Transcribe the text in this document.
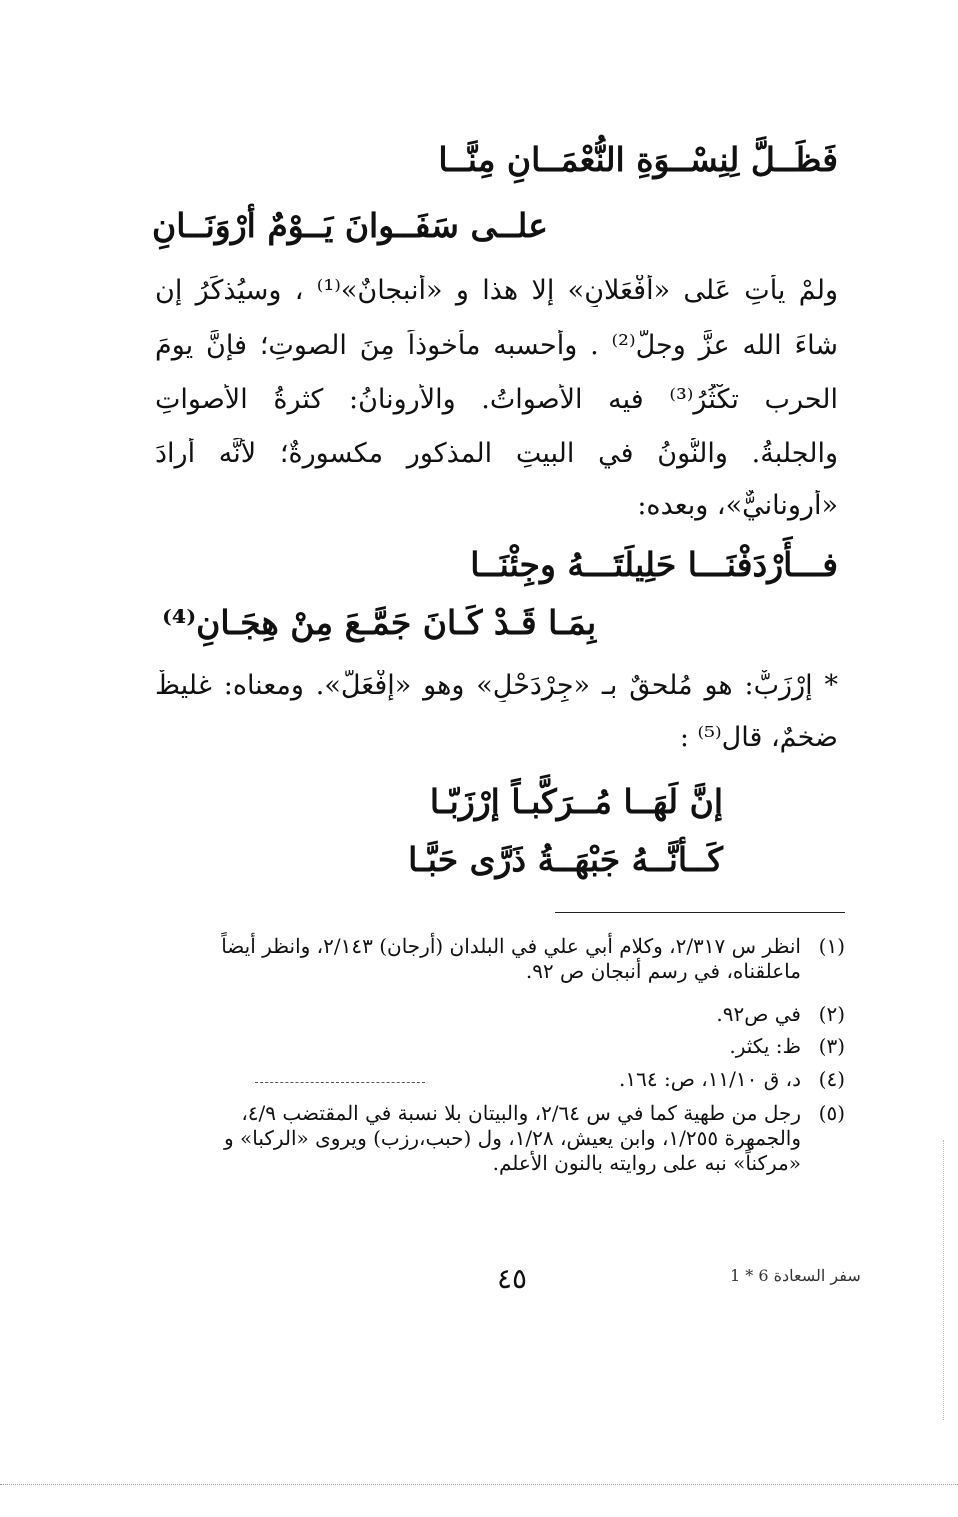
فَظَــلَّ لِنِسْــوَةِ النُّعْمَــانِ مِنَّــا
علــى سَفَــوانَ يَــوْمٌ أرْوَنَــانِ
ولمْ يأتِ عَلى «أَفْعَلانٍ» إلا هذا و «أَنبجانٌ»⁽¹⁾ ، وسيُذكَرُ إن
شاءَ الله عزَّ وجلَّ⁽²⁾ . وأحسبه مأخوذاً مِنَ الصوتِ؛ فإنَّ يومَ
الحرب تكْثُرُ⁽³⁾ فيه الأصواتُ. والأرونانُ: كثرةُ الأصواتِ
والجلبةُ. والنُّونُ في البيتِ المذكور مكسورةٌ؛ لأنَّه أرادَ
«أرونانيٌّ»، وبعده:
فـــأَرْدَفْنَـــا حَلِيلَتَـــهُ وجِئْنَــا
بِمَـا قَـدْ كَـانَ جَمَّـعَ مِنْ هِجَـانِ⁽⁴⁾
* إرْزَبٌّ: هو مُلحقٌ بـ «جِرْدَحْلٍ» وهو «إِفْعَلٌّ». ومعناه: غليظٌ
ضخمٌ، قال⁽⁵⁾ :
إنَّ لَهَــا مُــرَكَّبـاً إرْزَبّـا
كَــأنَّــهُ جَبْهَــةُ ذَرَّى حَبَّـا
(١)انظر س ٢/٣١٧، وكلام أبي علي في البلدان (أرجان) ٢/١٤٣، وانظر أيضاً
ماعلقناه، في رسم أنبجان ص ٩٢.
(٢)في ص٩٢.
(٣)ظ: يكثر.
(٤)د، ق ١١/١٠، ص: ١٦٤.
(٥)رجل من طهية كما في س ٢/٦٤، والبيتان بلا نسبة في المقتضب ٤/٩،
والجمهرة ١/٢٥٥، وابن يعيش، ١/٢٨، ول (حبب،رزب) ويروى «الركبا» و
«مركناً» نبه على روايته بالنون الأعلم.
٤٥	سفر السعادة 6 * 1
